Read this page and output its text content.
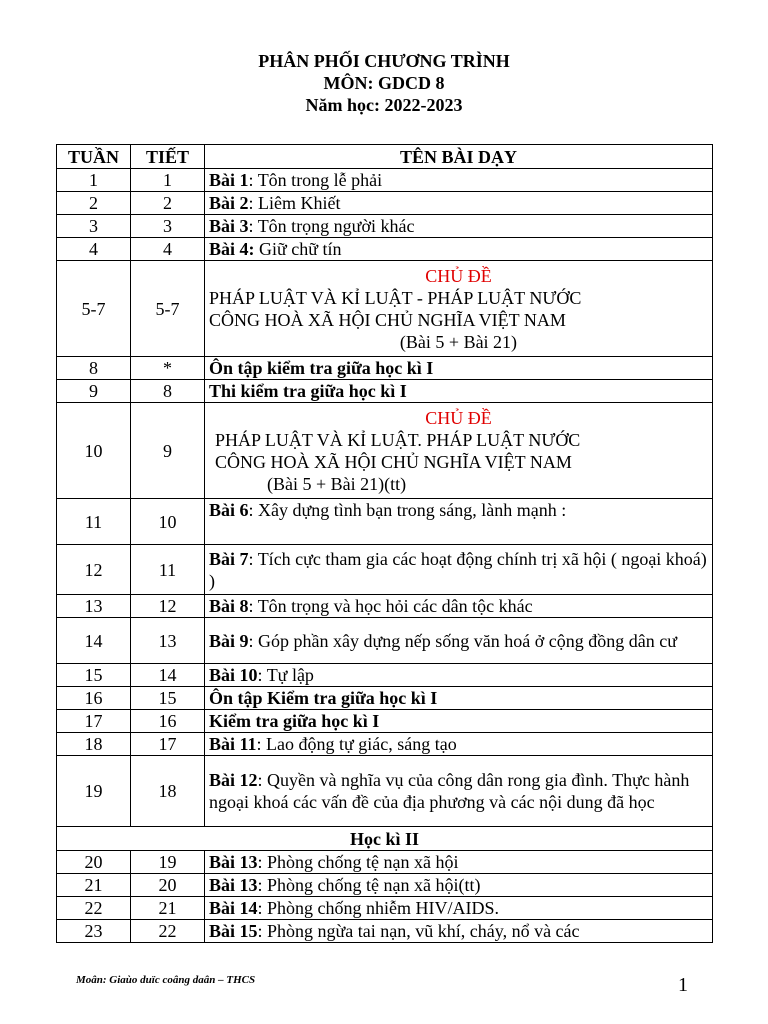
PHÂN PHỐI CHƯƠNG TRÌNH
MÔN: GDCD 8
Năm học: 2022-2023
TUẦN	TIẾT	TÊN BÀI DẠY
1	1	Bài 1: Tôn trong lễ phải
2	2	Bài 2: Liêm Khiết
3	3	Bài 3: Tôn trọng người khác
4	4	Bài 4: Giữ chữ tín
5-7	5-7	CHỦ ĐỀ
PHÁP LUẬT VÀ KỈ LUẬT - PHÁP LUẬT NƯỚC
CÔNG HOÀ XÃ HỘI CHỦ NGHĨA VIỆT NAM
(Bài 5 + Bài 21)

8	*	Ôn tập kiểm tra giữa học kì I
9	8	Thi kiểm tra giữa học kì I
10	9	CHỦ ĐỀ
PHÁP LUẬT VÀ KỈ LUẬT. PHÁP LUẬT NƯỚC
CÔNG HOÀ XÃ HỘI CHỦ NGHĨA VIỆT NAM
(Bài 5 + Bài 21)(tt)

11	10	Bài 6: Xây dựng tình bạn trong sáng, lành mạnh :
12	11	Bài 7: Tích cực tham gia các hoạt động chính trị xã hội ( ngoại khoá) )
13	12	Bài 8: Tôn trọng và học hỏi các dân tộc khác
14	13	Bài 9: Góp phần xây dựng nếp sống văn hoá ở cộng đồng dân cư
15	14	Bài 10: Tự lập
16	15	Ôn tập Kiểm tra giữa học kì I
17	16	Kiểm tra giữa học kì I
18	17	Bài 11: Lao động tự giác, sáng tạo
19	18	Bài 12: Quyền và nghĩa vụ của công dân rong gia đình. Thực hành ngoại khoá các vấn đề của địa phương và các nội dung đã học
Học kì II		
20	19	Bài 13: Phòng chống tệ nạn xã hội
21	20	Bài 13: Phòng chống tệ nạn xã hội(tt)
22	21	Bài 14: Phòng chống nhiễm HIV/AIDS.
23	22	Bài 15: Phòng ngừa tai nạn, vũ khí, cháy, nổ và các
Moân: Giaùo duïc coâng daân – THCS	1
